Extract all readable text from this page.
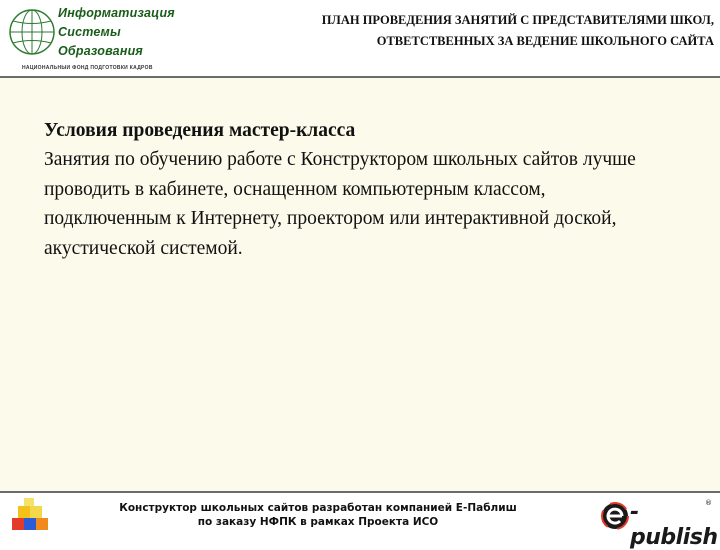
Информатизация
Системы
Образования
НАЦИОНАЛЬНЫЙ ФОНД ПОДГОТОВКИ КАДРОВ
ПЛАН ПРОВЕДЕНИЯ ЗАНЯТИЙ С ПРЕДСТАВИТЕЛЯМИ ШКОЛ,
ОТВЕТСТВЕННЫХ ЗА ВЕДЕНИЕ ШКОЛЬНОГО САЙТА
Условия проведения мастер-класса
Занятия по обучению работе с Конструктором школьных сайтов лучше проводить в кабинете, оснащенном компьютерным классом, подключенным к Интернету, проектором или интерактивной доской, акустической системой.
Конструктор школьных сайтов разработан компанией Е-Паблиш
по заказу НФПК в рамках Проекта ИСО	-publish
®
